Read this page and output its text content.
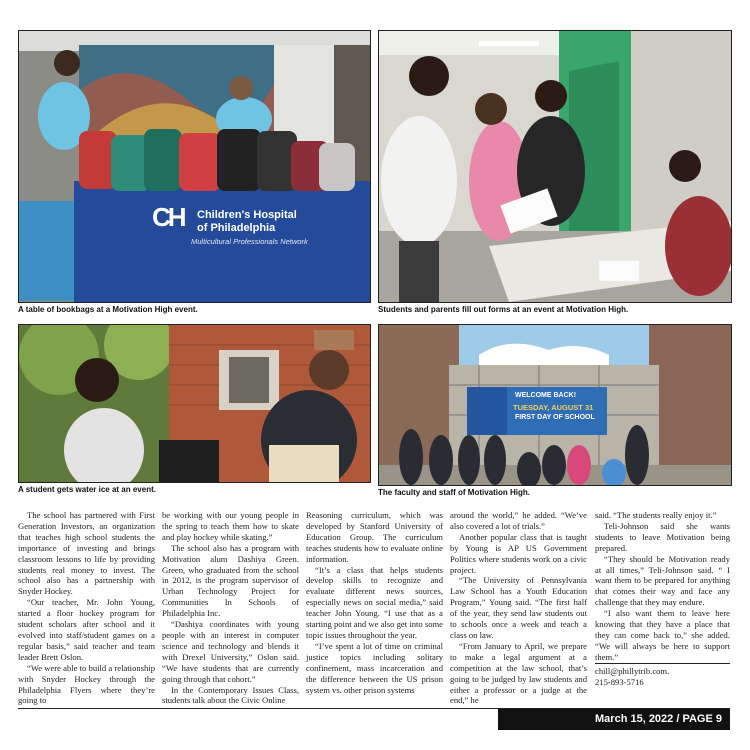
CH Children's Hospital
of Philadelphia
Multicultural Professionals Network
A table of bookbags at a Motivation High event.	Students and parents fill out forms at an event at Motivation High.
A student gets water ice at an event.
WELCOME BACK!
TUESDAY, AUGUST 31
FIRST DAY OF SCHOOL
The faculty and staff of Motivation High.

The school has partnered with First Generation Investors, an organization that teaches high school students the importance of investing and brings classroom lessons to life by providing students real money to invest. The school also has a partnership with Snyder Hockey.

“Our teacher, Mr. John Young, started a floor hockey program for student scholars after school and it evolved into staff/student games on a regular basis,” said teacher and team leader Brett Oslon.

“We were able to build a relationship with Snyder Hockey through the Philadelphia Flyers where they’re going to

be working with our young people in the spring to teach them how to skate and play hockey while skating.”

The school also has a program with Motivation alum Dashiya Green. Green, who graduated from the school in 2012, is the program supervisor of Urban Technology Project for Communities In Schools of Philadelphia Inc.

“Dashiya coordinates with young people with an interest in computer science and technology and blends it with Drexel University,” Oslon said. “We have students that are currently going through that cohort.”

In the Contemporary Issues Class, students talk about the Civic Online

Reasoning curriculum, which was developed by Stanford University of Education Group. The curriculum teaches students how to evaluate online information.

“It’s a class that helps students develop skills to recognize and evaluate different news sources, especially news on social media,” said teacher John Young. “I use that as a starting point and we also get into some topic issues throughout the year.

“I’ve spent a lot of time on criminal justice topics including solitary confinement, mass incarceration and the difference between the US prison system vs. other prison systems

around the world,” he added. “We’ve also covered a lot of trials.”

Another popular class that is taught by Young is AP US Government Politics where students work on a civic project.

“The University of Pennsylvania Law School has a Youth Education Program,” Young said. “The first half of the year, they send law students out to schools once a week and teach a class on law.

“From January to April, we prepare to make a legal argument at a competition at the law school, that’s going to be judged by law students and either a professor or a judge at the end,” he

said. “The students really enjoy it.”

Teli-Johnson said she wants students to leave Motivation being prepared.

“They should be Motivation ready at all times,” Teli-Johnson said. “ I want them to be prepared for anything that comes their way and face any challenge that they may endure.

“I also want them to leave here knowing that they have a place that they can come back to,” she added. “We will always be here to support them.”

chill@phillytrib.com.
215-893-5716
March 15, 2022 / PAGE 9
